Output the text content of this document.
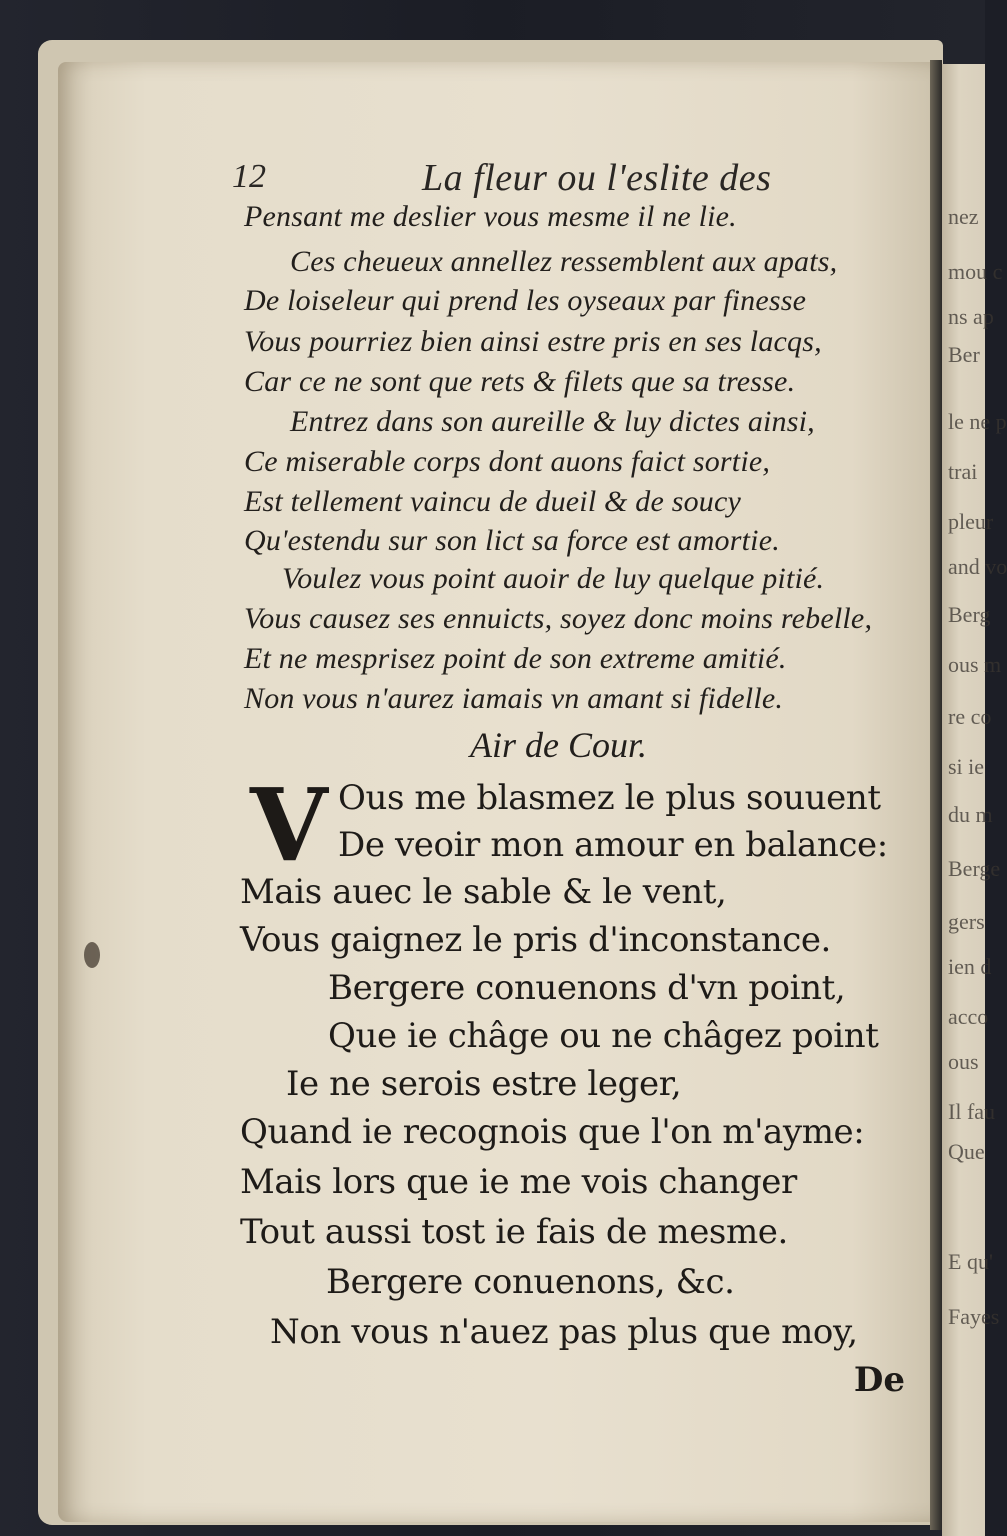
nez
mou c
ns ap
Ber
le ne p
trai
pleur
and vo
Berg
ous m
re co
si ie
du m
Berge
gers
ien d
acco
ous
Il fau
Que
E qu'
Fayes
12	La fleur ou l'eslite des
Pensant me deslier vous mesme il ne lie.
Ces cheueux annellez ressemblent aux apats,
De loiseleur qui prend les oyseaux par finesse
Vous pourriez bien ainsi estre pris en ses lacqs,
Car ce ne sont que rets & filets que sa tresse.
Entrez dans son aureille & luy dictes ainsi,
Ce miserable corps dont auons faict sortie,
Est tellement vaincu de dueil & de soucy
Qu'estendu sur son lict sa force est amortie.
Voulez vous point auoir de luy quelque pitié.
Vous causez ses ennuicts, soyez donc moins rebelle,
Et ne mesprisez point de son extreme amitié.
Non vous n'aurez iamais vn amant si fidelle.
Air de Cour.
V Ous me blasmez le plus souuent
De veoir mon amour en balance:
Mais auec le sable & le vent,
Vous gaignez le pris d'inconstance.
Bergere conuenons d'vn point,
Que ie châge ou ne châgez point
Ie ne serois estre leger,
Quand ie recognois que l'on m'ayme:
Mais lors que ie me vois changer
Tout aussi tost ie fais de mesme.
Bergere conuenons, &c.
Non vous n'auez pas plus que moy,
De
